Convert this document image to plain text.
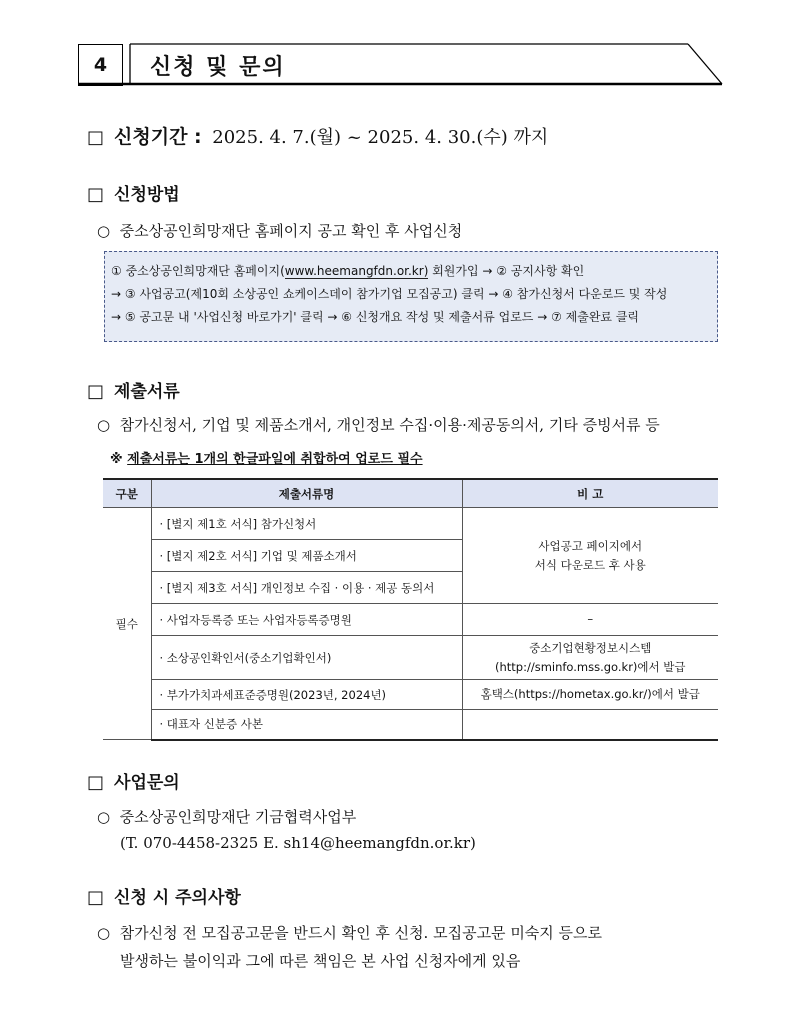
4	신청 및 문의
□ 신청기간 : 2025. 4. 7.(월) ~ 2025. 4. 30.(수) 까지
□ 신청방법
○ 중소상공인희망재단 홈페이지 공고 확인 후 사업신청
① 중소상공인희망재단 홈페이지(www.heemangfdn.or.kr) 회원가입 → ② 공지사항 확인
→ ③ 사업공고(제10회 소상공인 쇼케이스데이 참가기업 모집공고) 클릭 → ④ 참가신청서 다운로드 및 작성
→ ⑤ 공고문 내 '사업신청 바로가기' 클릭 → ⑥ 신청개요 작성 및 제출서류 업로드 → ⑦ 제출완료 클릭
□ 제출서류
○ 참가신청서, 기업 및 제품소개서, 개인정보 수집·이용·제공동의서, 기타 증빙서류 등
※ 제출서류는 1개의 한글파일에 취합하여 업로드 필수
구분	제출서류명	비 고
필수	· [별지 제1호 서식] 참가신청서	사업공고 페이지에서
서식 다운로드 후 사용

	· [별지 제2호 서식] 기업 및 제품소개서	
	· [별지 제3호 서식] 개인정보 수집 · 이용 · 제공 동의서	
	· 사업자등록증 또는 사업자등록증명원	–
	· 소상공인확인서(중소기업확인서)	중소기업현황정보시스템
(http://sminfo.mss.go.kr)에서 발급

	· 부가가치과세표준증명원(2023년, 2024년)	홈택스(https://hometax.go.kr/)에서 발급
	· 대표자 신분증 사본	
□ 사업문의
○ 중소상공인희망재단 기금협력사업부
(T. 070-4458-2325 E. sh14@heemangfdn.or.kr)
□ 신청 시 주의사항
○ 참가신청 전 모집공고문을 반드시 확인 후 신청. 모집공고문 미숙지 등으로
발생하는 불이익과 그에 따른 책임은 본 사업 신청자에게 있음
